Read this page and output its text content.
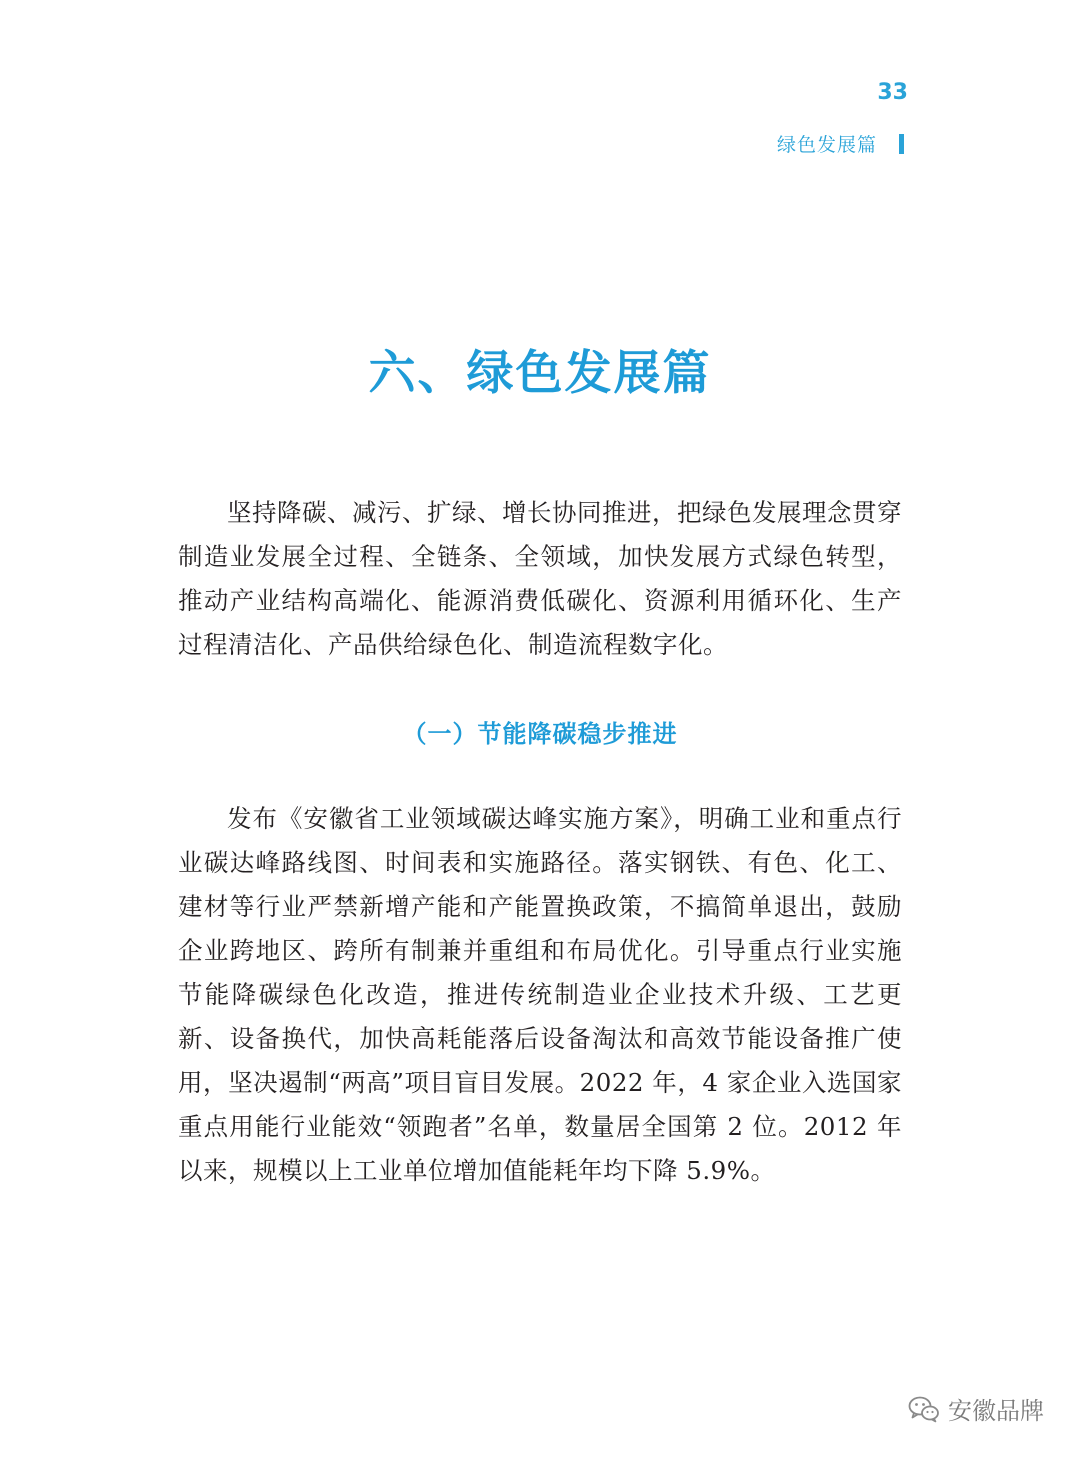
33
绿色发展篇
六、绿色发展篇

坚持降碳、减污、扩绿、增长协同推进，把绿色发展理念贯穿制造业发展全过程、全链条、全领域，加快发展方式绿色转型，推动产业结构高端化、能源消费低碳化、资源利用循环化、生产过程清洁化、产品供给绿色化、制造流程数字化。

（一）节能降碳稳步推进

发布《安徽省工业领域碳达峰实施方案》，明确工业和重点行业碳达峰路线图、时间表和实施路径。落实钢铁、有色、化工、建材等行业严禁新增产能和产能置换政策，不搞简单退出，鼓励企业跨地区、跨所有制兼并重组和布局优化。引导重点行业实施节能降碳绿色化改造，推进传统制造业企业技术升级、工艺更新、设备换代，加快高耗能落后设备淘汰和高效节能设备推广使用，坚决遏制“两高”项目盲目发展。2022 年，4 家企业入选国家重点用能行业能效“领跑者”名单，数量居全国第 2 位。2012 年以来，规模以上工业单位增加值能耗年均下降 5.9%。

安徽品牌
